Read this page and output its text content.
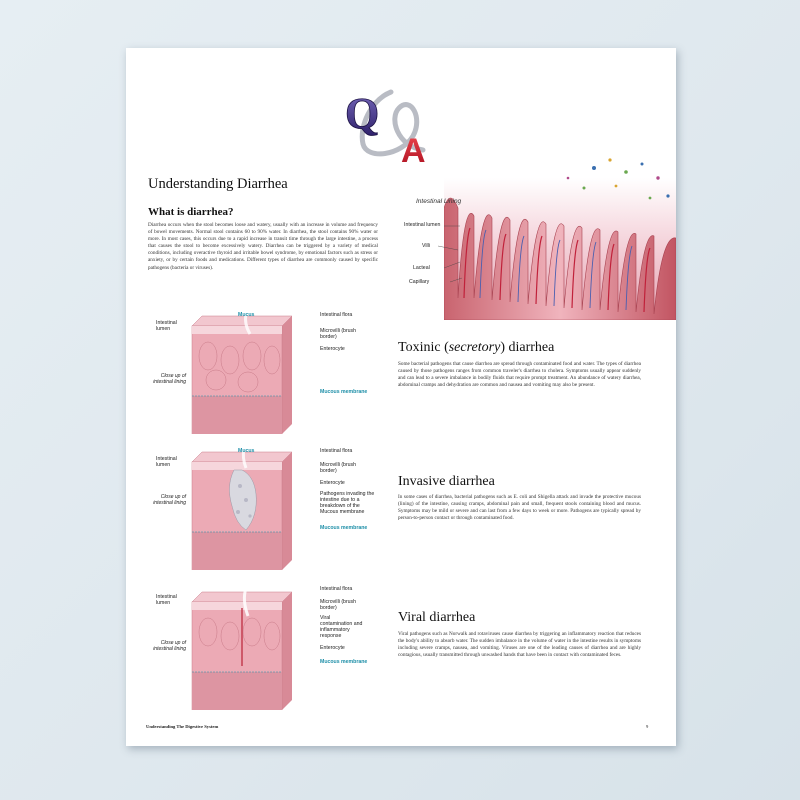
Q
A
&
Understanding Diarrhea
What is diarrhea?
Diarrhea occurs when the stool becomes loose and watery, usually with an increase in volume and frequency of bowel movements. Normal stool contains 60 to 90% water. In diarrhea, the stool contains 90% water or more. In most cases, this occurs due to a rapid increase in transit time through the large intestine, a process that causes the stool to become excessively watery. Diarrhea can be triggered by a variety of medical conditions, including overactive thyroid and irritable bowel syndrome, by emotional factors such as stress or anxiety, or by certain foods and medications. Different types of diarrhea are commonly caused by specific pathogens (bacteria or viruses).
Intestinal Lining
Intestinal lumen
Villi
Lacteal
Capillary
Toxinic (secretory) diarrhea
Some bacterial pathogens that cause diarrhea are spread through contaminated food and water. The types of diarrhea caused by those pathogens ranges from common traveler's diarrhea to cholera. Symptoms usually appear suddenly and can lead to a severe imbalance in bodily fluids that require prompt treatment. An abundance of watery diarrhea, abdominal cramps and dehydration are common and nausea and vomiting may also be present.
Invasive diarrhea
In some cases of diarrhea, bacterial pathogens such as E. coli and Shigella attack and invade the protective mucous (lining) of the intestine, causing cramps, abdominal pain and small, frequent stools containing blood and mucus. Symptoms may be mild or severe and can last from a few days to week or more. Pathogens are typically spread by person-to-person contact or through contaminated food.
Viral diarrhea
Viral pathogens such as Norwalk and rotaviruses cause diarrhea by triggering an inflammatory reaction that reduces the body's ability to absorb water. The sudden imbalance in the volume of water in the intestine results in symptoms including severe cramps, nausea, and vomiting. Viruses are one of the leading causes of diarrhea and are highly contagious, usually transmitted through unwashed hands that have been in contact with contaminated feces.
Intestinal lumen
Close up of intestinal lining
Mucus	Intestinal flora
Microvilli (brush border)
Enterocyte
Mucous membrane
Intestinal lumen
Close up of intestinal lining
Mucus	Intestinal flora
Microvilli (brush border)
Enterocyte
Pathogens invading the intestine due to a breakdown of the Mucous membrane
Mucous membrane
Intestinal lumen
Close up of intestinal lining
Intestinal flora
Microvilli (brush border)
Viral contamination and inflammatory response
Enterocyte
Mucous membrane
Understanding The Digestive System	9
